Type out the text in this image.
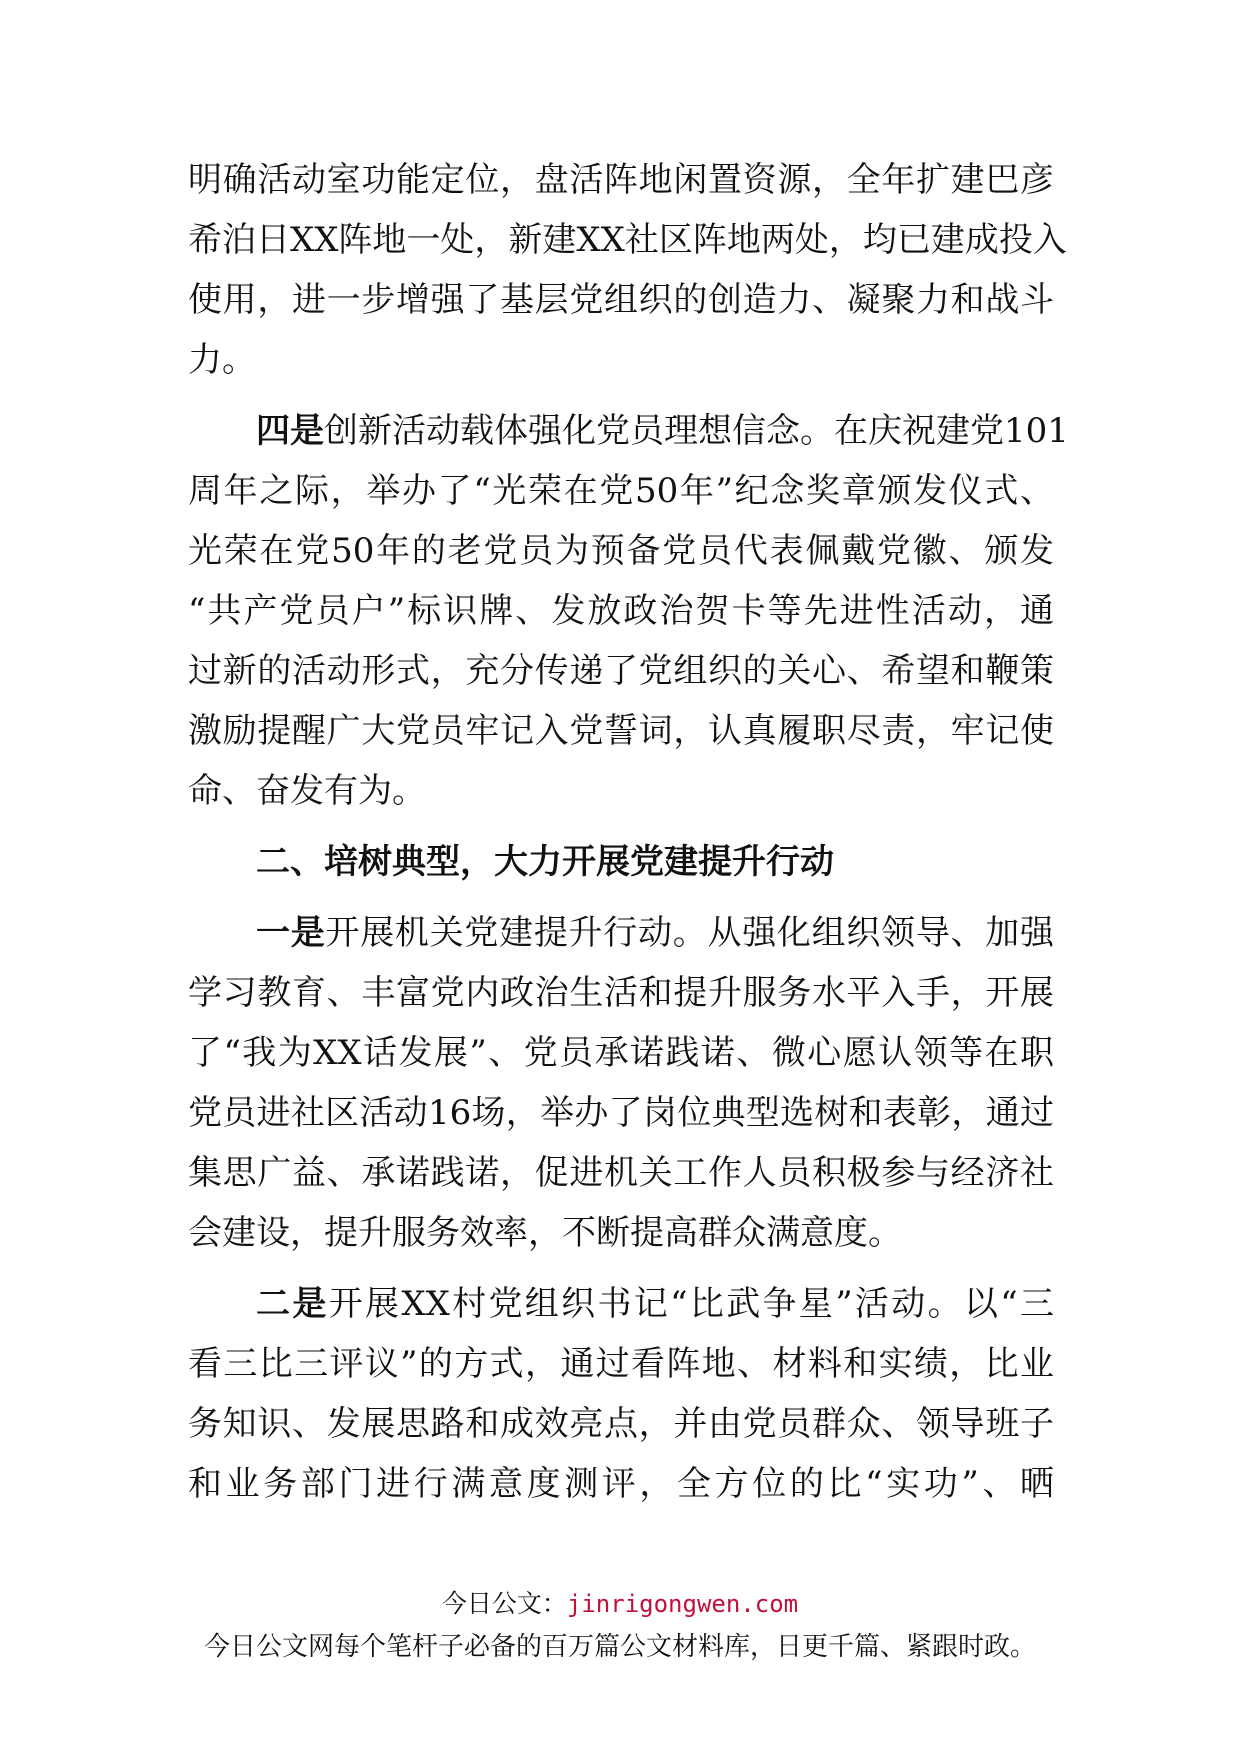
明确活动室功能定位，盘活阵地闲置资源，全年扩建巴彦
希泊日XX阵地一处，新建XX社区阵地两处，均已建成投入
使用，进一步增强了基层党组织的创造力、凝聚力和战斗
力。
四是创新活动载体强化党员理想信念。在庆祝建党101
周年之际，举办了“光荣在党50年”纪念奖章颁发仪式、
光荣在党50年的老党员为预备党员代表佩戴党徽、颁发
“共产党员户”标识牌、发放政治贺卡等先进性活动，通
过新的活动形式，充分传递了党组织的关心、希望和鞭策
激励提醒广大党员牢记入党誓词，认真履职尽责，牢记使
命、奋发有为。
二、培树典型，大力开展党建提升行动
一是开展机关党建提升行动。从强化组织领导、加强
学习教育、丰富党内政治生活和提升服务水平入手，开展
了“我为XX话发展”、党员承诺践诺、微心愿认领等在职
党员进社区活动16场，举办了岗位典型选树和表彰，通过
集思广益、承诺践诺，促进机关工作人员积极参与经济社
会建设，提升服务效率，不断提高群众满意度。
二是开展XX村党组织书记“比武争星”活动。以“三
看三比三评议”的方式，通过看阵地、材料和实绩，比业
务知识、发展思路和成效亮点，并由党员群众、领导班子
和业务部门进行满意度测评，全方位的比“实功”、晒
今日公文：jinrigongwen.com
今日公文网每个笔杆子必备的百万篇公文材料库，日更千篇、紧跟时政。
